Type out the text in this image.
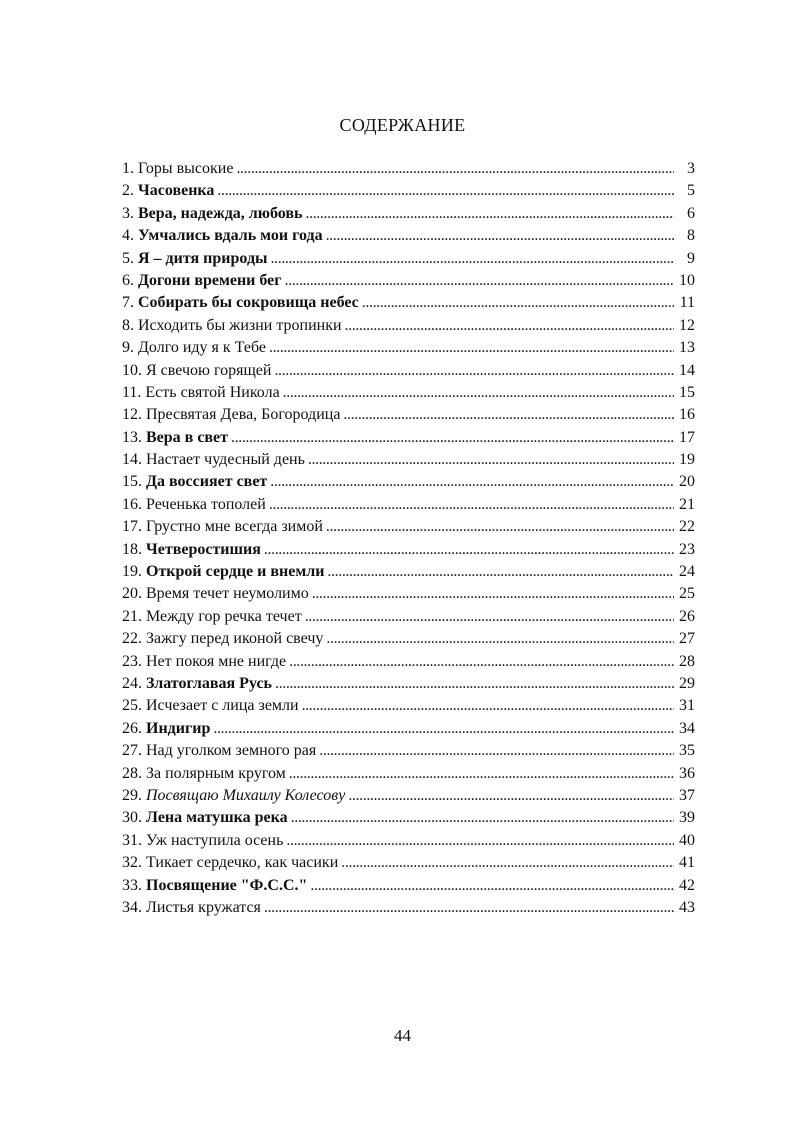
СОДЕРЖАНИЕ
1. Горы высокие . . .	3
2. Часовенка . . .	5
3. Вера, надежда, любовь . . .	6
4. Умчались вдаль мои года . . .	8
5. Я – дитя природы . . .	9
6. Догони времени бег . . .	10
7. Собирать бы сокровища небес . . .	11
8. Исходить бы жизни тропинки . . .	12
9. Долго иду я к Тебе . . .	13
10. Я свечою горящей . . .	14
11. Есть святой Никола . . .	15
12. Пресвятая Дева, Богородица . . .	16
13. Вера в свет . . .	17
14. Настает чудесный день . . .	19
15. Да воссияет свет . . .	20
16. Реченька тополей . . .	21
17. Грустно мне всегда зимой . . .	22
18. Четверостишия . . .	23
19. Открой сердце и внемли . . .	24
20. Время течет неумолимо . . .	25
21. Между гор речка течет . . .	26
22. Зажгу перед иконой свечу . . .	27
23. Нет покоя мне нигде . . .	28
24. Златоглавая Русь . . .	29
25. Исчезает с лица земли . . .	31
26. Индигир . . .	34
27. Над уголком земного рая . . .	35
28. За полярным кругом . . .	36
29. Посвящаю Михаилу Колесову . . .	37
30. Лена матушка река . . .	39
31. Уж наступила осень . . .	40
32. Тикает сердечко, как часики . . .	41
33. Посвящение "Ф.С.С." . . .	42
34. Листья кружатся . . .	43
44
